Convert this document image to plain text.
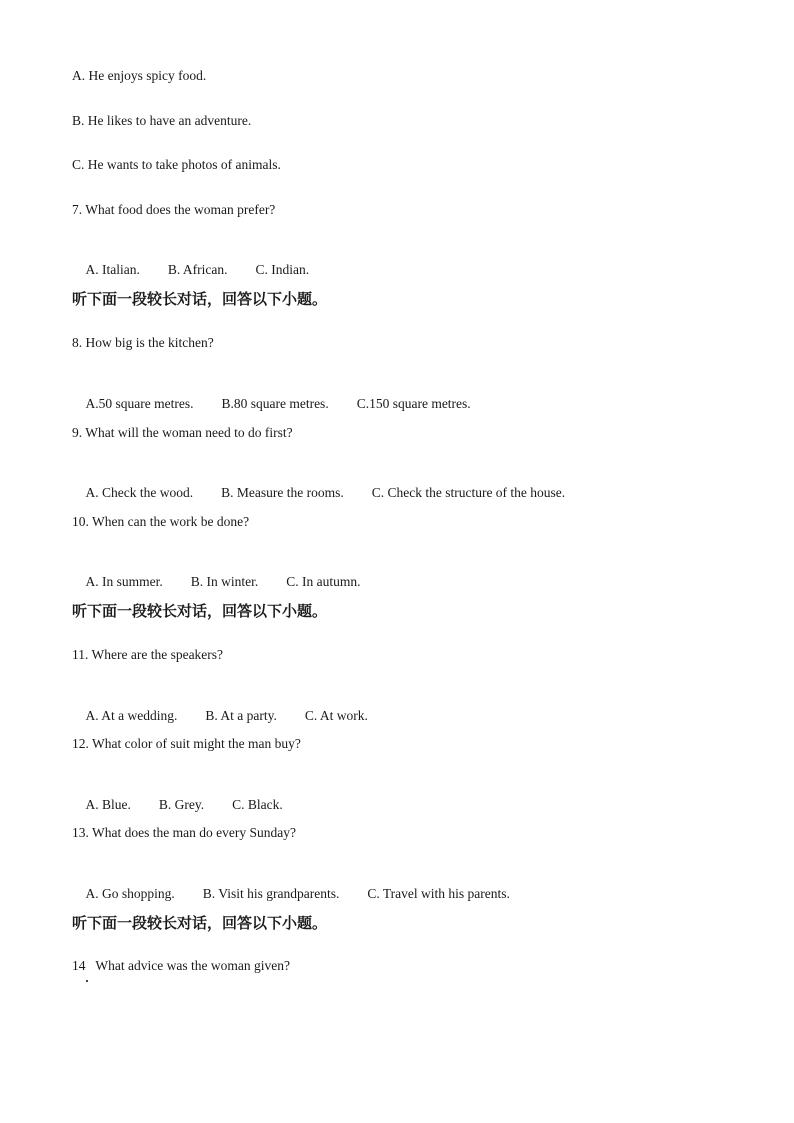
A. He enjoys spicy food.
B. He likes to have an adventure.
C. He wants to take photos of animals.
7. What food does the woman prefer?

A. Italian. B. African. C. Indian.

听下面一段较长对话，回答以下小题。
8. How big is the kitchen?

A.50 square metres. B.80 square metres. C.150 square metres.

9. What will the woman need to do first?

A. Check the wood. B. Measure the rooms. C. Check the structure of the house.

10. When can the work be done?

A. In summer. B. In winter. C. In autumn.

听下面一段较长对话，回答以下小题。
11. Where are the speakers?

A. At a wedding. B. At a party. C. At work.

12. What color of suit might the man buy?

A. Blue. B. Grey. C. Black.

13. What does the man do every Sunday?

A. Go shopping. B. Visit his grandparents. C. Travel with his parents.

听下面一段较长对话，回答以下小题。
14   What advice was the woman given?
